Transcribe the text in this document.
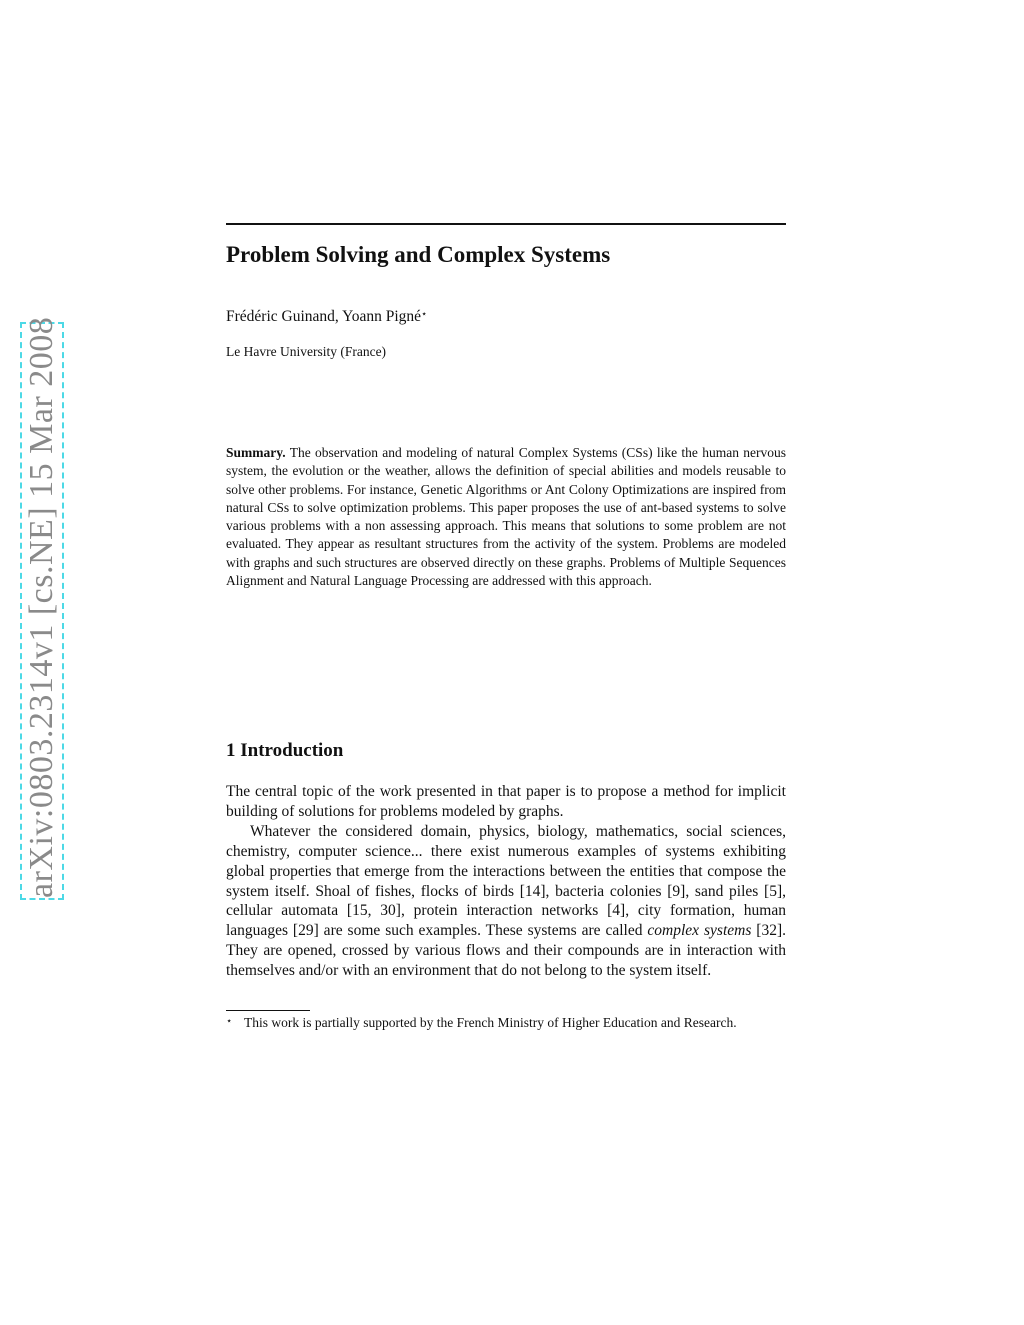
arXiv:0803.2314v1 [cs.NE] 15 Mar 2008
Problem Solving and Complex Systems
Frédéric Guinand, Yoann Pigné⋆
Le Havre University (France)

Summary. The observation and modeling of natural Complex Systems (CSs) like the human nervous system, the evolution or the weather, allows the definition of special abilities and models reusable to solve other problems. For instance, Genetic Algorithms or Ant Colony Optimizations are inspired from natural CSs to solve optimization problems. This paper proposes the use of ant-based systems to solve various problems with a non assessing approach. This means that solutions to some problem are not evaluated. They appear as resultant structures from the activity of the system. Problems are modeled with graphs and such structures are observed directly on these graphs. Problems of Multiple Sequences Alignment and Natural Language Processing are addressed with this approach.

1 Introduction

The central topic of the work presented in that paper is to propose a method for implicit building of solutions for problems modeled by graphs.

Whatever the considered domain, physics, biology, mathematics, social sciences, chemistry, computer science... there exist numerous examples of systems exhibiting global properties that emerge from the interactions between the entities that compose the system itself. Shoal of fishes, flocks of birds [14], bacteria colonies [9], sand piles [5], cellular automata [15, 30], protein interaction networks [4], city formation, human languages [29] are some such examples. These systems are called complex systems [32]. They are opened, crossed by various flows and their compounds are in interaction with themselves and/or with an environment that do not belong to the system itself.

⋆ This work is partially supported by the French Ministry of Higher Education and Research.
